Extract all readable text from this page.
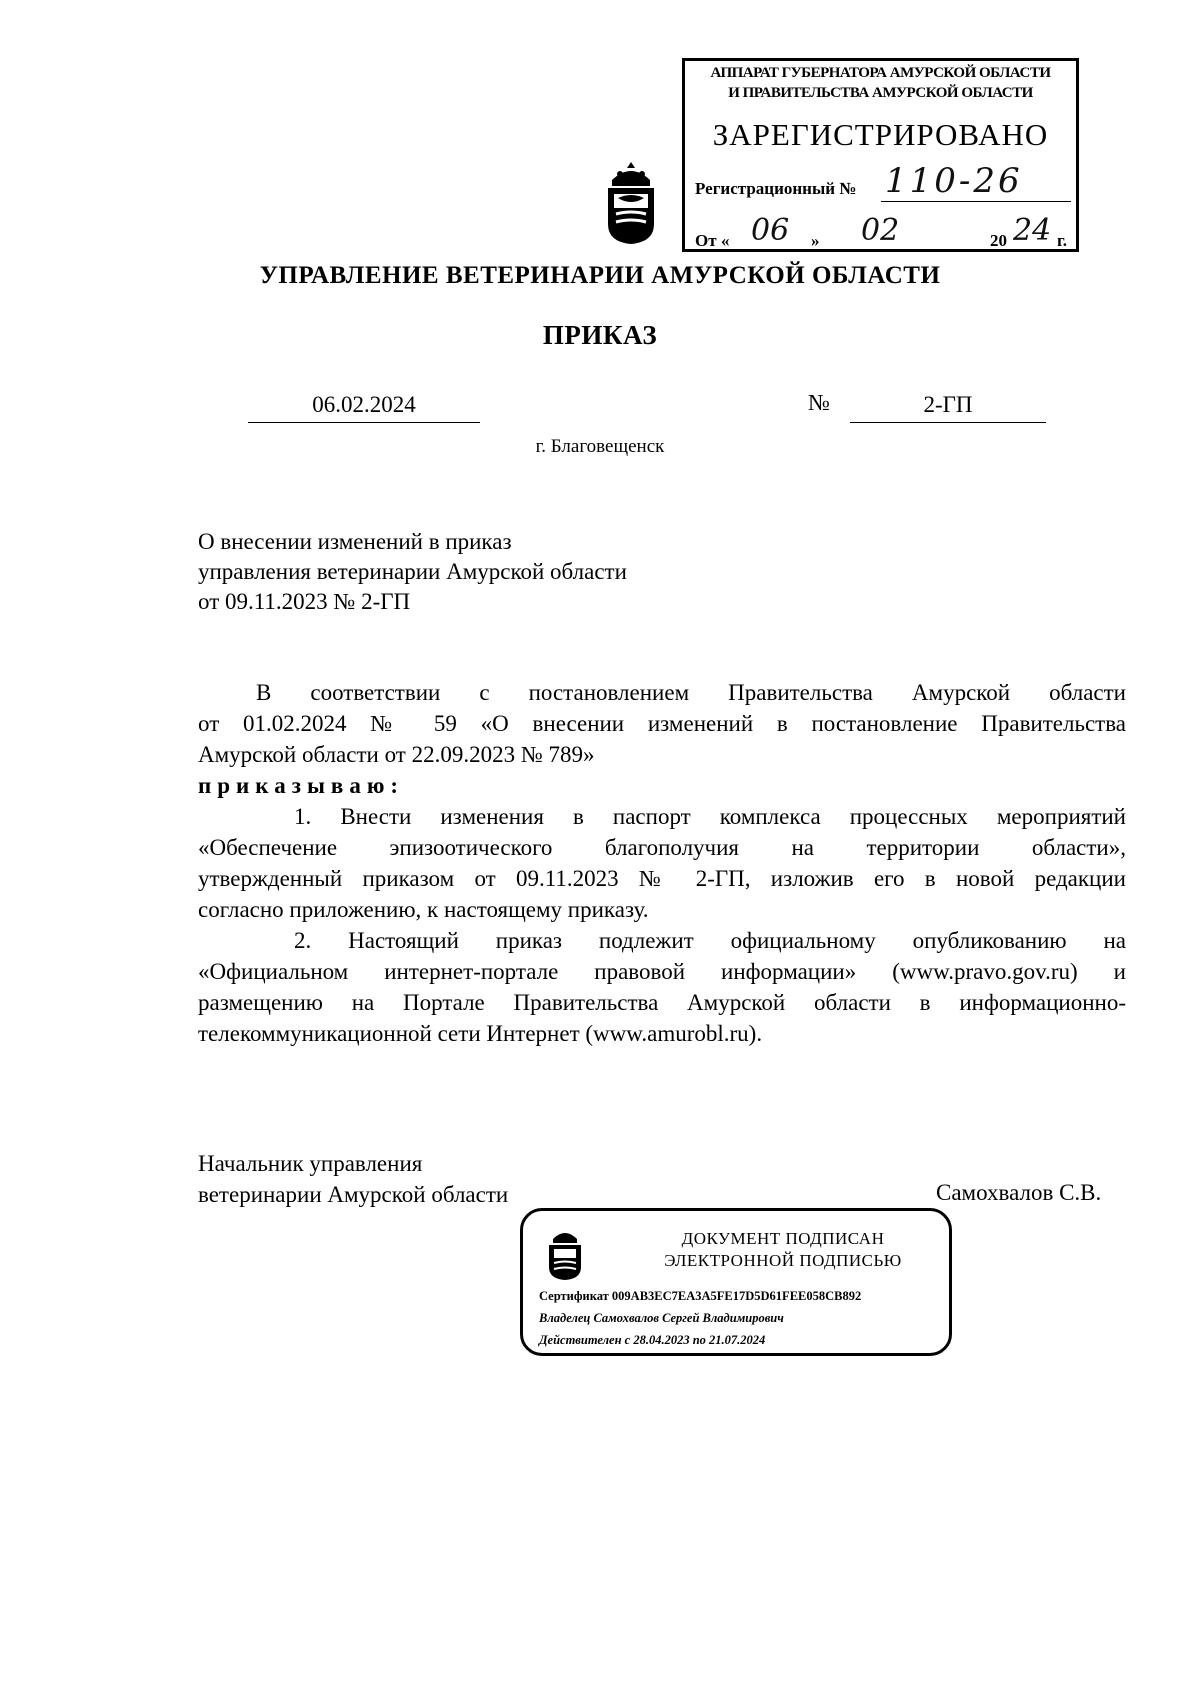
АППАРАТ ГУБЕРНАТОРА АМУРСКОЙ ОБЛАСТИ
И ПРАВИТЕЛЬСТВА АМУРСКОЙ ОБЛАСТИ
ЗАРЕГИСТРИРОВАНО
Регистрационный № 110-26
От « 06 » 02	20 24 г.
УПРАВЛЕНИЕ ВЕТЕРИНАРИИ АМУРСКОЙ ОБЛАСТИ
ПРИКАЗ
06.02.2024	№	2-ГП
г. Благовещенск
О внесении изменений в приказ
управления ветеринарии Амурской области
от 09.11.2023 № 2-ГП
В соответствии с постановлением Правительства Амурской области
от 01.02.2024 № 59 «О внесении изменений в постановление Правительства
Амурской области от 22.09.2023 № 789»
приказываю:
1. Внести изменения в паспорт комплекса процессных мероприятий
«Обеспечение эпизоотического благополучия на территории области»,
утвержденный приказом от 09.11.2023 № 2-ГП, изложив его в новой редакции
согласно приложению, к настоящему приказу.
2. Настоящий приказ подлежит официальному опубликованию на
«Официальном интернет-портале правовой информации» (www.pravo.gov.ru) и
размещению на Портале Правительства Амурской области в информационно-
телекоммуникационной сети Интернет (www.amurobl.ru).
Начальник управления
ветеринарии Амурской области	Самохвалов С.В.
ДОКУМЕНТ ПОДПИСАН
ЭЛЕКТРОННОЙ ПОДПИСЬЮ
Сертификат 009AB3EC7EA3A5FE17D5D61FEE058CB892
Владелец Самохвалов Сергей Владимирович
Действителен с 28.04.2023 по 21.07.2024
